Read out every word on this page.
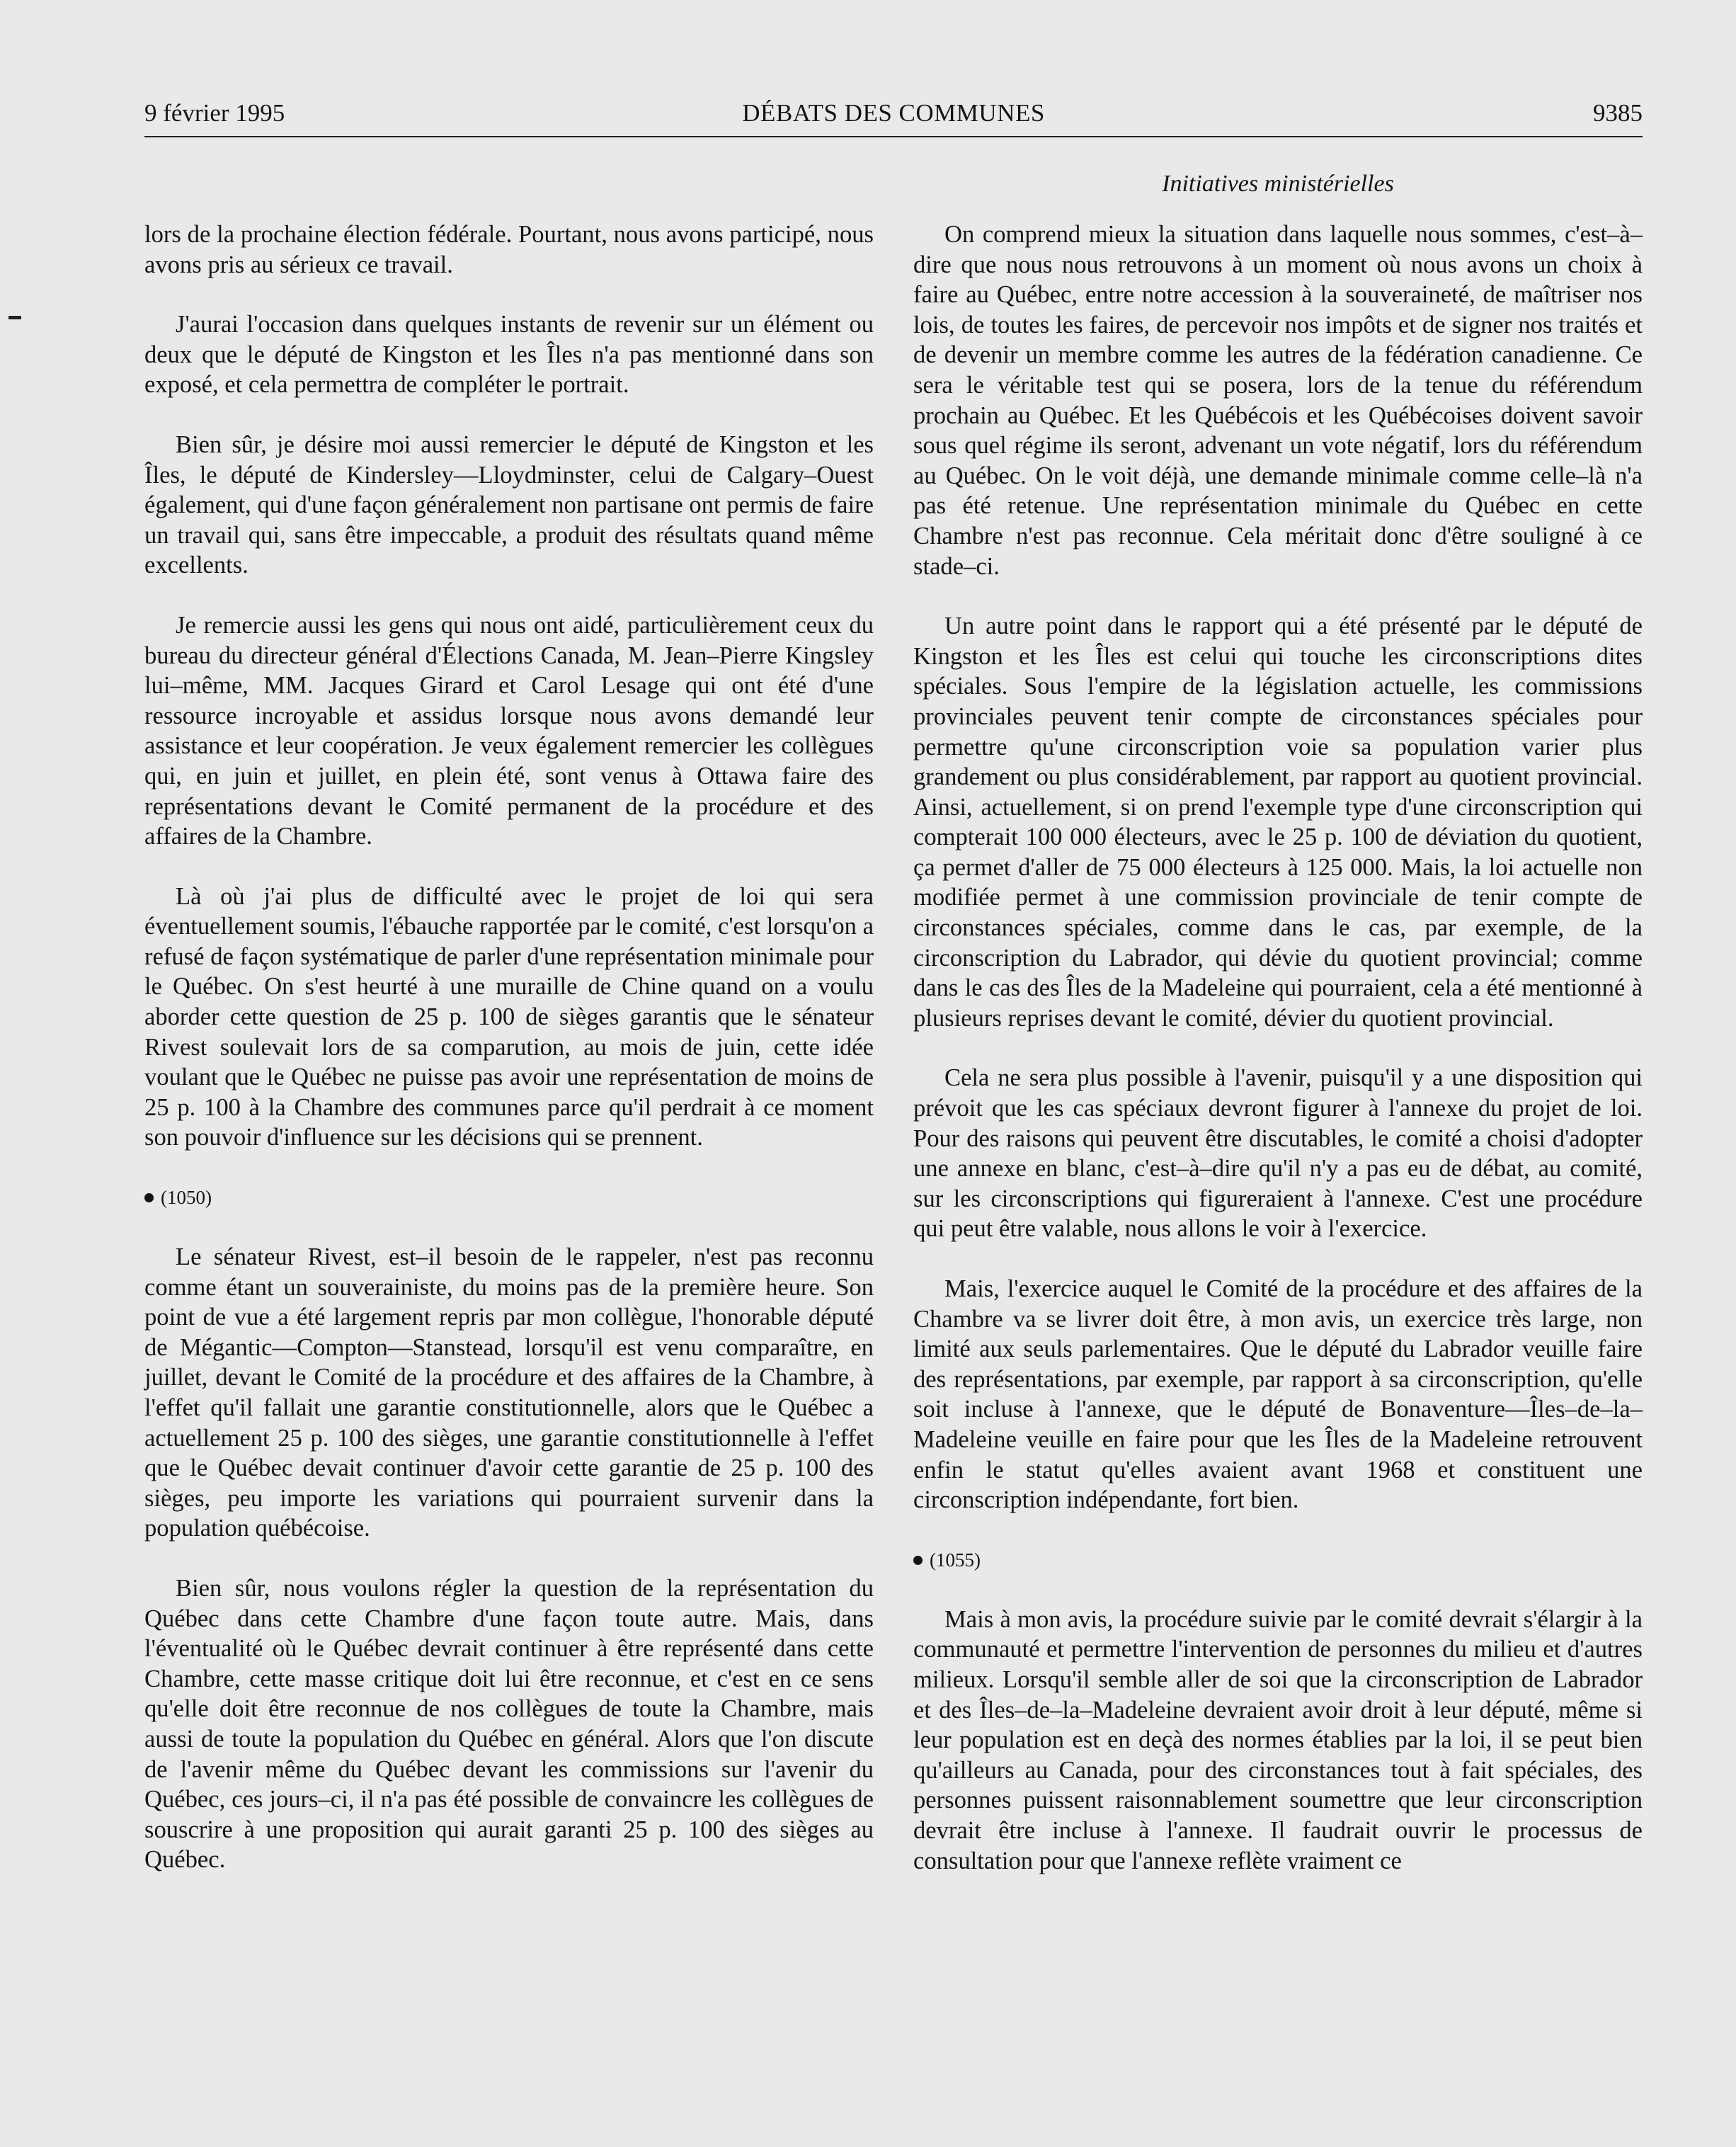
9 février 1995	DÉBATS DES COMMUNES	9385
Initiatives ministérielles

lors de la prochaine élection fédérale. Pourtant, nous avons participé, nous avons pris au sérieux ce travail.

J'aurai l'occasion dans quelques instants de revenir sur un élément ou deux que le député de Kingston et les Îles n'a pas mentionné dans son exposé, et cela permettra de compléter le portrait.

Bien sûr, je désire moi aussi remercier le député de Kingston et les Îles, le député de Kindersley—Lloydminster, celui de Calgary–Ouest également, qui d'une façon généralement non partisane ont permis de faire un travail qui, sans être impeccable, a produit des résultats quand même excellents.

Je remercie aussi les gens qui nous ont aidé, particulièrement ceux du bureau du directeur général d'Élections Canada, M. Jean–Pierre Kingsley lui–même, MM. Jacques Girard et Carol Lesage qui ont été d'une ressource incroyable et assidus lorsque nous avons demandé leur assistance et leur coopération. Je veux également remercier les collègues qui, en juin et juillet, en plein été, sont venus à Ottawa faire des représentations devant le Comité permanent de la procédure et des affaires de la Chambre.

Là où j'ai plus de difficulté avec le projet de loi qui sera éventuellement soumis, l'ébauche rapportée par le comité, c'est lorsqu'on a refusé de façon systématique de parler d'une représentation minimale pour le Québec. On s'est heurté à une muraille de Chine quand on a voulu aborder cette question de 25 p. 100 de sièges garantis que le sénateur Rivest soulevait lors de sa comparution, au mois de juin, cette idée voulant que le Québec ne puisse pas avoir une représentation de moins de 25 p. 100 à la Chambre des communes parce qu'il perdrait à ce moment son pouvoir d'influence sur les décisions qui se prennent.

(1050)

Le sénateur Rivest, est–il besoin de le rappeler, n'est pas reconnu comme étant un souverainiste, du moins pas de la première heure. Son point de vue a été largement repris par mon collègue, l'honorable député de Mégantic—Compton—Stanstead, lorsqu'il est venu comparaître, en juillet, devant le Comité de la procédure et des affaires de la Chambre, à l'effet qu'il fallait une garantie constitutionnelle, alors que le Québec a actuellement 25 p. 100 des sièges, une garantie constitutionnelle à l'effet que le Québec devait continuer d'avoir cette garantie de 25 p. 100 des sièges, peu importe les variations qui pourraient survenir dans la population québécoise.

Bien sûr, nous voulons régler la question de la représentation du Québec dans cette Chambre d'une façon toute autre. Mais, dans l'éventualité où le Québec devrait continuer à être représenté dans cette Chambre, cette masse critique doit lui être reconnue, et c'est en ce sens qu'elle doit être reconnue de nos collègues de toute la Chambre, mais aussi de toute la population du Québec en général. Alors que l'on discute de l'avenir même du Québec devant les commissions sur l'avenir du Québec, ces jours–ci, il n'a pas été possible de convaincre les collègues de souscrire à une proposition qui aurait garanti 25 p. 100 des sièges au Québec.

On comprend mieux la situation dans laquelle nous sommes, c'est–à–dire que nous nous retrouvons à un moment où nous avons un choix à faire au Québec, entre notre accession à la souveraineté, de maîtriser nos lois, de toutes les faires, de percevoir nos impôts et de signer nos traités et de devenir un membre comme les autres de la fédération canadienne. Ce sera le véritable test qui se posera, lors de la tenue du référendum prochain au Québec. Et les Québécois et les Québécoises doivent savoir sous quel régime ils seront, advenant un vote négatif, lors du référendum au Québec. On le voit déjà, une demande minimale comme celle–là n'a pas été retenue. Une représentation minimale du Québec en cette Chambre n'est pas reconnue. Cela méritait donc d'être souligné à ce stade–ci.

Un autre point dans le rapport qui a été présenté par le député de Kingston et les Îles est celui qui touche les circonscriptions dites spéciales. Sous l'empire de la législation actuelle, les commissions provinciales peuvent tenir compte de circonstances spéciales pour permettre qu'une circonscription voie sa population varier plus grandement ou plus considérablement, par rapport au quotient provincial. Ainsi, actuellement, si on prend l'exemple type d'une circonscription qui compterait 100 000 électeurs, avec le 25 p. 100 de déviation du quotient, ça permet d'aller de 75 000 électeurs à 125 000. Mais, la loi actuelle non modifiée permet à une commission provinciale de tenir compte de circonstances spéciales, comme dans le cas, par exemple, de la circonscription du Labrador, qui dévie du quotient provincial; comme dans le cas des Îles de la Madeleine qui pourraient, cela a été mentionné à plusieurs reprises devant le comité, dévier du quotient provincial.

Cela ne sera plus possible à l'avenir, puisqu'il y a une disposition qui prévoit que les cas spéciaux devront figurer à l'annexe du projet de loi. Pour des raisons qui peuvent être discutables, le comité a choisi d'adopter une annexe en blanc, c'est–à–dire qu'il n'y a pas eu de débat, au comité, sur les circonscriptions qui figureraient à l'annexe. C'est une procédure qui peut être valable, nous allons le voir à l'exercice.

Mais, l'exercice auquel le Comité de la procédure et des affaires de la Chambre va se livrer doit être, à mon avis, un exercice très large, non limité aux seuls parlementaires. Que le député du Labrador veuille faire des représentations, par exemple, par rapport à sa circonscription, qu'elle soit incluse à l'annexe, que le député de Bonaventure—Îles–de–la–Madeleine veuille en faire pour que les Îles de la Madeleine retrouvent enfin le statut qu'elles avaient avant 1968 et constituent une circonscription indépendante, fort bien.

(1055)

Mais à mon avis, la procédure suivie par le comité devrait s'élargir à la communauté et permettre l'intervention de personnes du milieu et d'autres milieux. Lorsqu'il semble aller de soi que la circonscription de Labrador et des Îles–de–la–Madeleine devraient avoir droit à leur député, même si leur population est en deçà des normes établies par la loi, il se peut bien qu'ailleurs au Canada, pour des circonstances tout à fait spéciales, des personnes puissent raisonnablement soumettre que leur circonscription devrait être incluse à l'annexe. Il faudrait ouvrir le processus de consultation pour que l'annexe reflète vraiment ce
